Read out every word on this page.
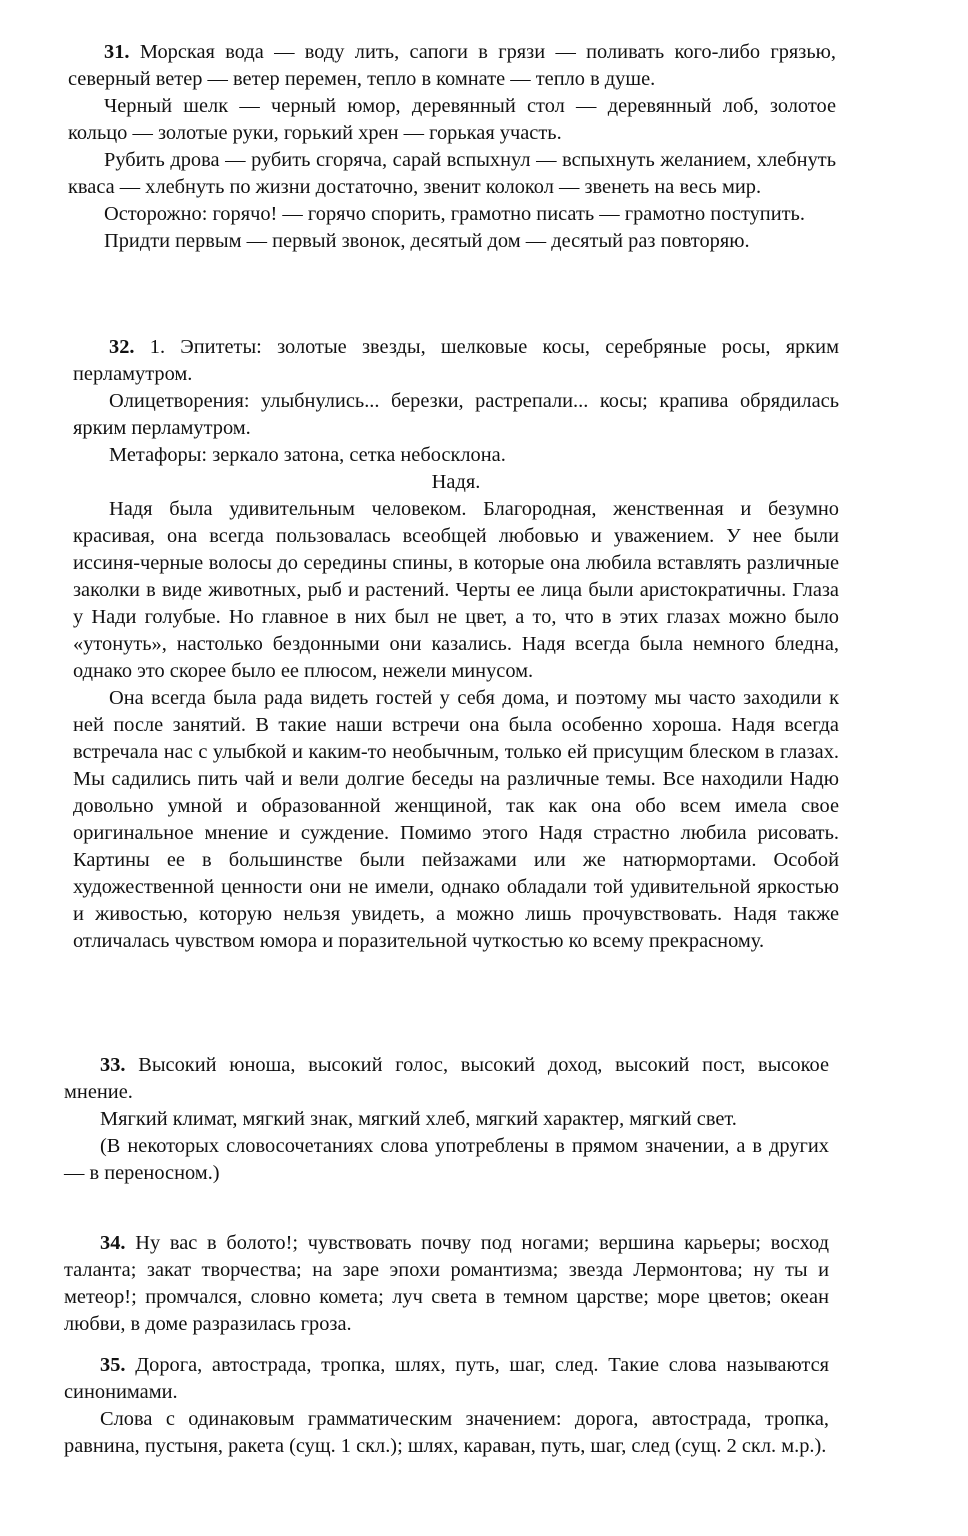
31. Морская вода — воду лить, сапоги в грязи — поливать кого-либо грязью, северный ветер — ветер перемен, тепло в комнате — тепло в душе.

Черный шелк — черный юмор, деревянный стол — деревянный лоб, золотое кольцо — золотые руки, горький хрен — горькая участь.

Рубить дрова — рубить сгоряча, сарай вспыхнул — вспыхнуть желанием, хлебнуть кваса — хлебнуть по жизни достаточно, звенит колокол — звенеть на весь мир.

Осторожно: горячо! — горячо спорить, грамотно писать — грамотно поступить.

Придти первым — первый звонок, десятый дом — десятый раз повторяю.

32. 1. Эпитеты: золотые звезды, шелковые косы, серебряные росы, ярким перламутром.

Олицетворения: улыбнулись... березки, растрепали... косы; крапива обрядилась ярким перламутром.

Метафоры: зеркало затона, сетка небосклона.

Надя.

Надя была удивительным человеком. Благородная, женственная и безумно красивая, она всегда пользовалась всеобщей любовью и уважением. У нее были иссиня-черные волосы до середины спины, в которые она любила вставлять различные заколки в виде животных, рыб и растений. Черты ее лица были аристократичны. Глаза у Нади голубые. Но главное в них был не цвет, а то, что в этих глазах можно было «утонуть», настолько бездонными они казались. Надя всегда была немного бледна, однако это скорее было ее плюсом, нежели минусом.

Она всегда была рада видеть гостей у себя дома, и поэтому мы часто заходили к ней после занятий. В такие наши встречи она была особенно хороша. Надя всегда встречала нас с улыбкой и каким-то необычным, только ей присущим блеском в глазах. Мы садились пить чай и вели долгие беседы на различные темы. Все находили Надю довольно умной и образованной женщиной, так как она обо всем имела свое оригинальное мнение и суждение. Помимо этого Надя страстно любила рисовать. Картины ее в большинстве были пейзажами или же натюрмортами. Особой художественной ценности они не имели, однако обладали той удивительной яркостью и живостью, которую нельзя увидеть, а можно лишь прочувствовать. Надя также отличалась чувством юмора и поразительной чуткостью ко всему прекрасному.

33. Высокий юноша, высокий голос, высокий доход, высокий пост, высокое мнение.

Мягкий климат, мягкий знак, мягкий хлеб, мягкий характер, мягкий свет.

(В некоторых словосочетаниях слова употреблены в прямом значении, а в других — в переносном.)

34. Ну вас в болото!; чувствовать почву под ногами; вершина карьеры; восход таланта; закат творчества; на заре эпохи романтизма; звезда Лермонтова; ну ты и метеор!; промчался, словно комета; луч света в темном царстве; море цветов; океан любви, в доме разразилась гроза.

35. Дорога, автострада, тропка, шлях, путь, шаг, след. Такие слова называются синонимами.

Слова с одинаковым грамматическим значением: дорога, автострада, тропка, равнина, пустыня, ракета (сущ. 1 скл.); шлях, караван, путь, шаг, след (сущ. 2 скл. м.р.).
